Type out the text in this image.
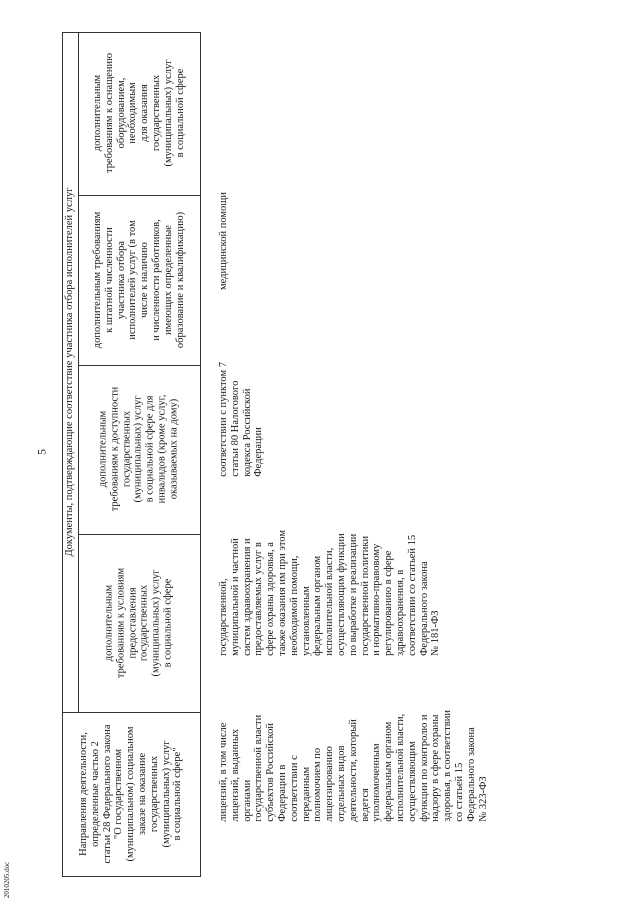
5 Документы, подтверждающие соответствие участника отбора исполнителей услуг
Направления деятельности,
определенные частью 2
статьи 28 Федерального закона
"О государственном
(муниципальном) социальном
заказе на оказание
государственных
(муниципальных) услуг
в социальной сфере"
дополнительным
требованиям к условиям
предоставления
государственных
(муниципальных) услуг
в социальной сфере
дополнительным
требованиям к доступности
государственных
(муниципальных) услуг
в социальной сфере для
инвалидов (кроме услуг,
оказываемых на дому)
дополнительным требованиям
к штатной численности
участника отбора
исполнителей услуг (в том
числе к наличию
и численности работников,
имеющих определенные
образование и квалификацию)
дополнительным
требованиям к оснащению
оборудованием,
необходимым
для оказания
государственных
(муниципальных) услуг
в социальной сфере
лицензий, в том числе
лицензий, выданных
органами
государственной власти
субъектов Российской
Федерации в
соответствии с
переданным
полномочием по
лицензированию
отдельных видов
деятельности, который
ведется
уполномоченным
федеральным органом
исполнительной власти,
осуществляющим
функции по контролю и
надзору в сфере охраны
здоровья, в соответствии
со статьей 15
Федерального закона
№ 323-ФЗ
государственной,
муниципальной и частной
систем здравоохранения и
предоставляемых услуг в
сфере охраны здоровья, а
также оказания им при этом
необходимой помощи,
установленным
федеральным органом
исполнительной власти,
осуществляющим функции
по выработке и реализации
государственной политики
и нормативно-правовому
регулированию в сфере
здравоохранения, в
соответствии со статьей 15
Федерального закона
№ 181-ФЗ
соответствии с пунктом 7
статьи 80 Налогового
кодекса Российской
Федерации
медицинской помощи
2010205.doc
